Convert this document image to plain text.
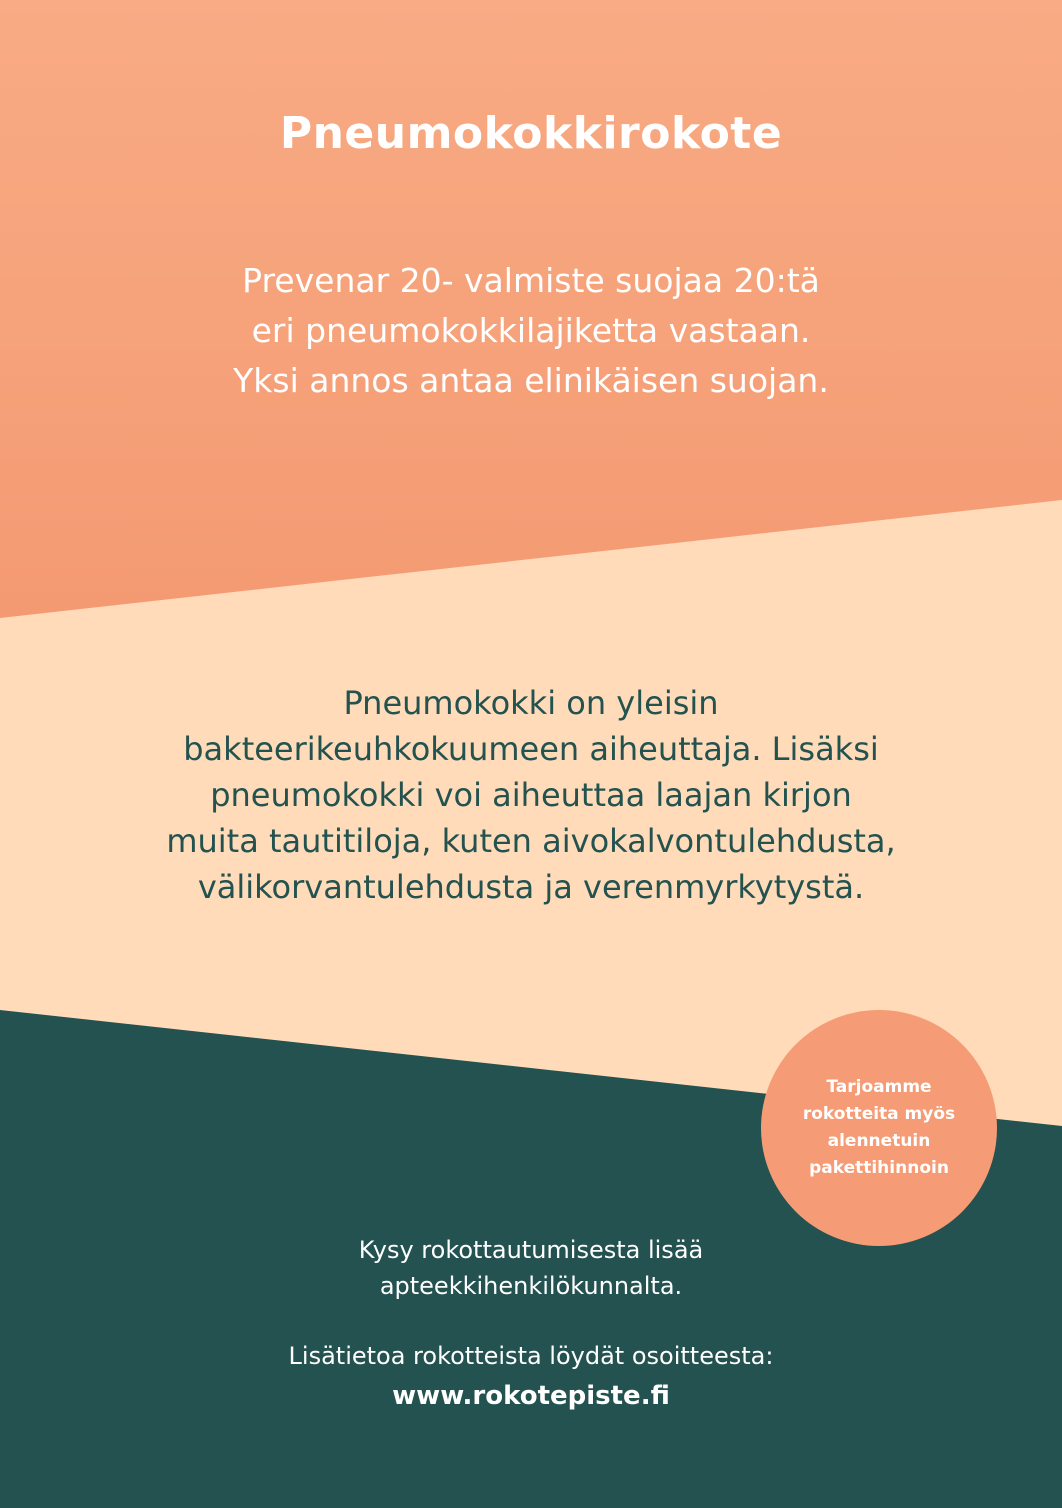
Pneumokokkirokote
Prevenar 20- valmiste suojaa 20:tä
eri pneumokokkilajiketta vastaan.
Yksi annos antaa elinikäisen suojan.
Pneumokokki on yleisin
bakteerikeuhkokuumeen aiheuttaja. Lisäksi
pneumokokki voi aiheuttaa laajan kirjon
muita tautitiloja, kuten aivokalvontulehdusta,
välikorvantulehdusta ja verenmyrkytystä.
Tarjoamme
rokotteita myös
alennetuin
pakettihinnoin
Kysy rokottautumisesta lisää
apteekkihenkilökunnalta.
Lisätietoa rokotteista löydät osoitteesta:
www.rokotepiste.fi
